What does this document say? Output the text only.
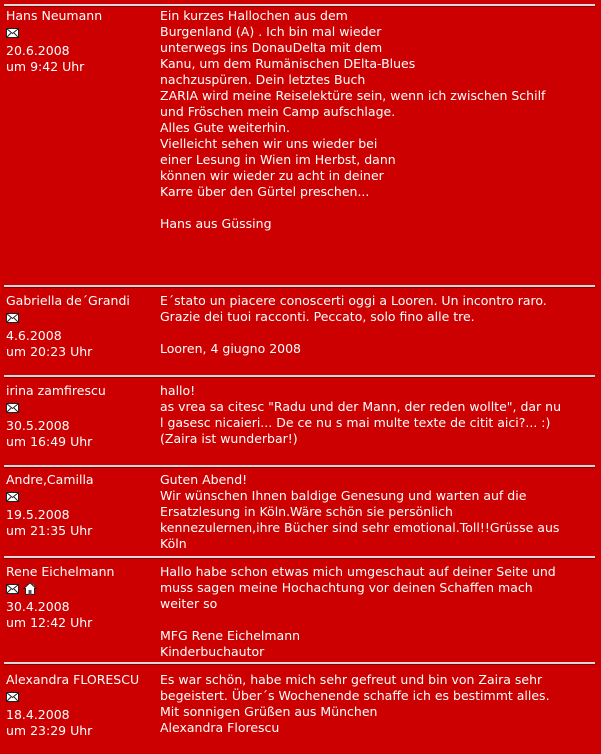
Hans Neumann
20.6.2008
um 9:42 Uhr
Ein kurzes Hallochen aus dem
Burgenland (A) . Ich bin mal wieder
unterwegs ins DonauDelta mit dem
Kanu, um dem Rumänischen DElta-Blues
nachzuspüren. Dein letztes Buch
ZARIA wird meine Reiselektüre sein, wenn ich zwischen Schilf
und Fröschen mein Camp aufschlage.
Alles Gute weiterhin.
Vielleicht sehen wir uns wieder bei
einer Lesung in Wien im Herbst, dann
können wir wieder zu acht in deiner
Karre über den Gürtel preschen...
Hans aus Güssing
Gabriella de´Grandi
4.6.2008
um 20:23 Uhr
E´stato un piacere conoscerti oggi a Looren. Un incontro raro.
Grazie dei tuoi racconti. Peccato, solo fino alle tre.
Looren, 4 giugno 2008
irina zamfirescu
30.5.2008
um 16:49 Uhr
hallo!
as vrea sa citesc "Radu und der Mann, der reden wollte", dar nu
l gasesc nicaieri... De ce nu s mai multe texte de citit aici?... :)
(Zaira ist wunderbar!)
Andre,Camilla
19.5.2008
um 21:35 Uhr
Guten Abend!
Wir wünschen Ihnen baldige Genesung und warten auf die
Ersatzlesung in Köln.Wäre schön sie persönlich
kennezulernen,ihre Bücher sind sehr emotional.Toll!!Grüsse aus
Köln
Rene Eichelmann
30.4.2008
um 12:42 Uhr
Hallo habe schon etwas mich umgeschaut auf deiner Seite und
muss sagen meine Hochachtung vor deinen Schaffen mach
weiter so
MFG Rene Eichelmann
Kinderbuchautor
Alexandra FLORESCU
18.4.2008
um 23:29 Uhr
Es war schön, habe mich sehr gefreut und bin von Zaira sehr
begeistert. Über´s Wochenende schaffe ich es bestimmt alles.
Mit sonnigen Grüßen aus München
Alexandra Florescu
